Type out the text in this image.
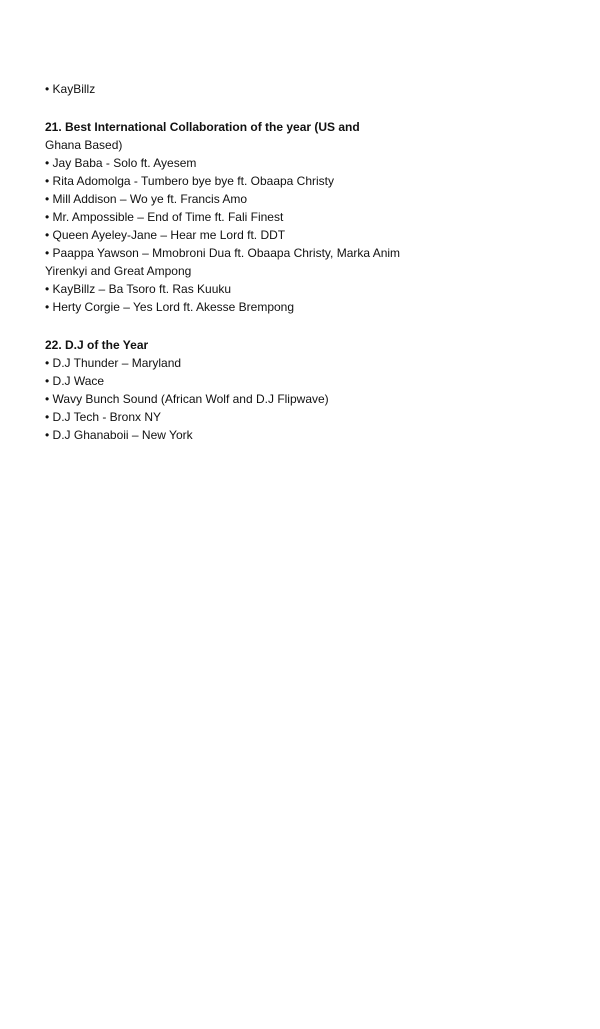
• KayBillz
21. Best International Collaboration of the year (US and
Ghana Based)
• Jay Baba - Solo ft. Ayesem
• Rita Adomolga - Tumbero bye bye ft. Obaapa Christy
• Mill Addison – Wo ye ft. Francis Amo
• Mr. Ampossible – End of Time ft. Fali Finest
• Queen Ayeley-Jane – Hear me Lord ft. DDT
• Paappa Yawson – Mmobroni Dua ft. Obaapa Christy, Marka Anim
Yirenkyi and Great Ampong
• KayBillz – Ba Tsoro ft. Ras Kuuku
• Herty Corgie – Yes Lord ft. Akesse Brempong
22. D.J of the Year
• D.J Thunder – Maryland
• D.J Wace
• Wavy Bunch Sound (African Wolf and D.J Flipwave)
• D.J Tech - Bronx NY
• D.J Ghanaboii – New York
